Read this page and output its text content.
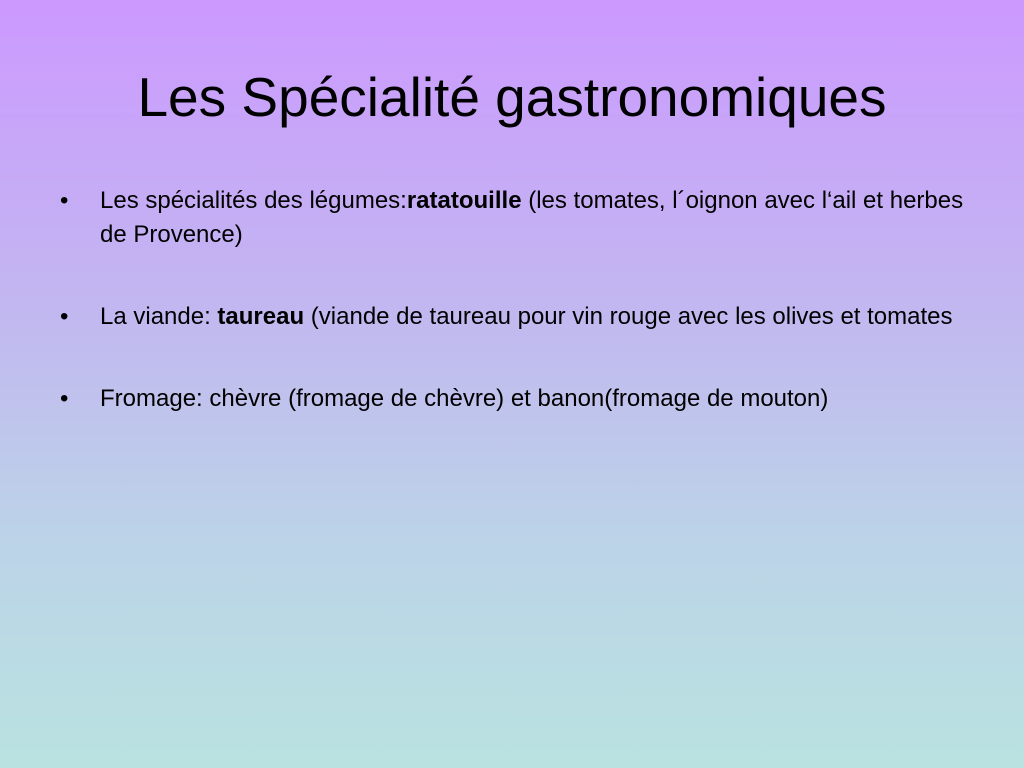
Les Spécialité gastronomiques
•	Les spécialités des légumes:ratatouille (les tomates, l´oignon avec l‘ail et herbes de Provence)
•	La viande: taureau (viande de taureau pour vin rouge avec les olives et tomates
•	Fromage: chèvre (fromage de chèvre) et banon(fromage de mouton)
